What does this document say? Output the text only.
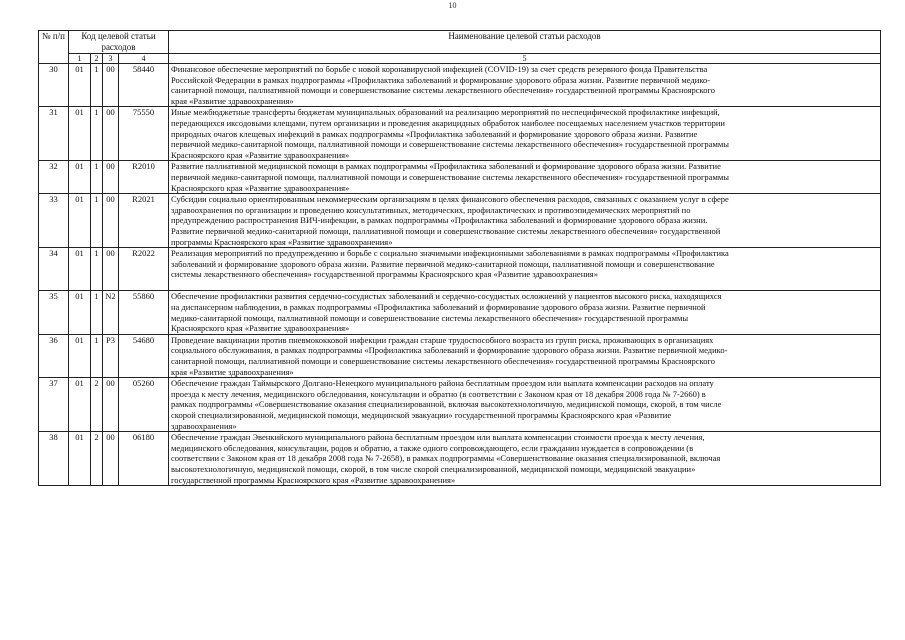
10
№ п/п	Код целевой статьи расходов				Наименование целевой статьи расходов
	1	2	3	4	5
30	01	1	00	58440	Финансовое обеспечение мероприятий по борьбе с новой коронавирусной инфекцией (COVID-19) за счет средств резервного фонда Правительства
Российской Федерации в рамках подпрограммы «Профилактика заболеваний и формирование здорового образа жизни. Развитие первичной медико-
санитарной помощи, паллиативной помощи и совершенствование системы лекарственного обеспечения» государственной программы Красноярского
края «Развитие здравоохранения»

31	01	1	00	75550	Иные межбюджетные трансферты бюджетам муниципальных образований на реализацию мероприятий по неспецифической профилактике инфекций,
передающихся иксодовыми клещами, путем организации и проведения акарицидных обработок наиболее посещаемых населением участков территории
природных очагов клещевых инфекций в рамках подпрограммы «Профилактика заболеваний и формирование здорового образа жизни. Развитие
первичной медико-санитарной помощи, паллиативной помощи и совершенствование системы лекарственного обеспечения» государственной программы
Красноярского края «Развитие здравоохранения»

32	01	1	00	R2010	Развитие паллиативной медицинской помощи в рамках подпрограммы «Профилактика заболеваний и формирование здорового образа жизни. Развитие
первичной медико-санитарной помощи, паллиативной помощи и совершенствование системы лекарственного обеспечения» государственной программы
Красноярского края «Развитие здравоохранения»

33	01	1	00	R2021	Субсидии социально ориентированным некоммерческим организациям в целях финансового обеспечения расходов, связанных с оказанием услуг в сфере
здравоохранения по организации и проведению консультативных, методических, профилактических и противоэпидемических мероприятий по
предупреждению распространения ВИЧ-инфекции, в рамках подпрограммы «Профилактика заболеваний и формирование здорового образа жизни.
Развитие первичной медико-санитарной помощи, паллиативной помощи и совершенствование системы лекарственного обеспечения» государственной
программы Красноярского края «Развитие здравоохранения»

34	01	1	00	R2022	Реализация мероприятий по предупреждению и борьбе с социально значимыми инфекционными заболеваниями в рамках подпрограммы «Профилактика
заболеваний и формирование здорового образа жизни. Развитие первичной медико-санитарной помощи, паллиативной помощи и совершенствование
системы лекарственного обеспечения» государственной программы Красноярского края «Развитие здравоохранения»

35	01	1	N2	55860	Обеспечение профилактики развития сердечно-сосудистых заболеваний и сердечно-сосудистых осложнений у пациентов высокого риска, находящихся
на диспансерном наблюдении, в рамках подпрограммы «Профилактика заболеваний и формирование здорового образа жизни. Развитие первичной
медико-санитарной помощи, паллиативной помощи и совершенствование системы лекарственного обеспечения» государственной программы
Красноярского края «Развитие здравоохранения»

36	01	1	P3	54680	Проведение вакцинации против пневмококковой инфекции граждан старше трудоспособного возраста из групп риска, проживающих в организациях
социального обслуживания, в рамках подпрограммы «Профилактика заболеваний и формирование здорового образа жизни. Развитие первичной медико-
санитарной помощи, паллиативной помощи и совершенствование системы лекарственного обеспечения» государственной программы Красноярского
края «Развитие здравоохранения»

37	01	2	00	05260	Обеспечение граждан Таймырского Долгано-Ненецкого муниципального района бесплатным проездом или выплата компенсации расходов на оплату
проезда к месту лечения, медицинского обследования, консультации и обратно (в соответствии с Законом края от 18 декабря 2008 года № 7-2660) в
рамках подпрограммы «Совершенствование оказания специализированной, включая высокотехнологичную, медицинской помощи, скорой, в том числе
скорой специализированной, медицинской помощи, медицинской эвакуации» государственной программы Красноярского края «Развитие
здравоохранения»

38	01	2	00	06180	Обеспечение граждан Эвенкийского муниципального района бесплатным проездом или выплата компенсации стоимости проезда к месту лечения,
медицинского обследования, консультации, родов и обратно, а также одного сопровождающего, если гражданин нуждается в сопровождении (в
соответствии с Законом края от 18 декабря 2008 года № 7-2658), в рамках подпрограммы «Совершенствование оказания специализированной, включая
высокотехнологичную, медицинской помощи, скорой, в том числе скорой специализированной, медицинской помощи, медицинской эвакуации»
государственной программы Красноярского края «Развитие здравоохранения»
